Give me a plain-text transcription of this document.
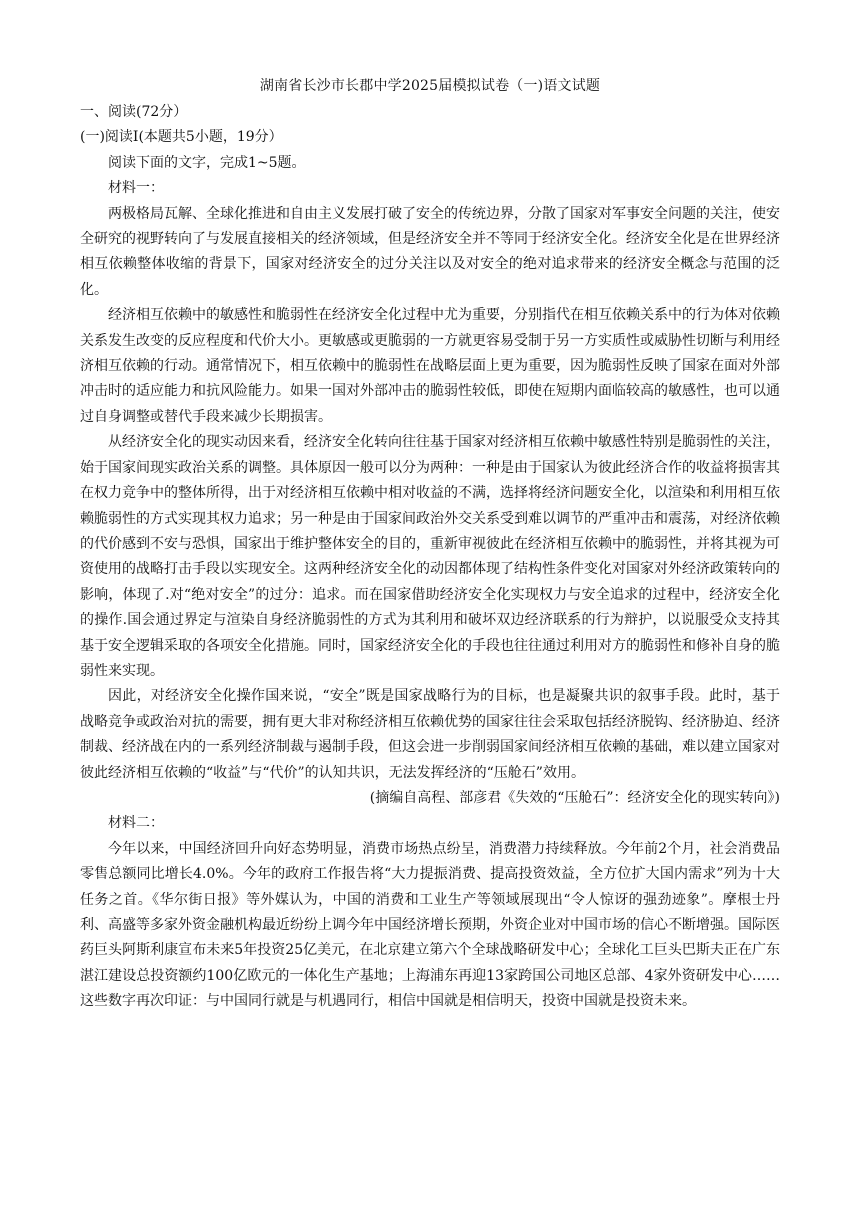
湖南省长沙市长郡中学2025届模拟试卷（一)语文试题

一、阅读(72分）

(一)阅读Ⅰ(本题共5小题，19分）

阅读下面的文字，完成1~5题。

材料一：

两极格局瓦解、全球化推进和自由主义发展打破了安全的传统边界，分散了国家对军事安全问题的关注，使安全研究的视野转向了与发展直接相关的经济领域，但是经济安全并不等同于经济安全化。经济安全化是在世界经济相互依赖整体收缩的背景下，国家对经济安全的过分关注以及对安全的绝对追求带来的经济安全概念与范围的泛化。

经济相互依赖中的敏感性和脆弱性在经济安全化过程中尤为重要，分别指代在相互依赖关系中的行为体对依赖关系发生改变的反应程度和代价大小。更敏感或更脆弱的一方就更容易受制于另一方实质性或威胁性切断与利用经济相互依赖的行动。通常情况下，相互依赖中的脆弱性在战略层面上更为重要，因为脆弱性反映了国家在面对外部冲击时的适应能力和抗风险能力。如果一国对外部冲击的脆弱性较低，即使在短期内面临较高的敏感性，也可以通过自身调整或替代手段来减少长期损害。

从经济安全化的现实动因来看，经济安全化转向往往基于国家对经济相互依赖中敏感性特别是脆弱性的关注，始于国家间现实政治关系的调整。具体原因一般可以分为两种：一种是由于国家认为彼此经济合作的收益将损害其在权力竞争中的整体所得，出于对经济相互依赖中相对收益的不满，选择将经济问题安全化，以渲染和利用相互依赖脆弱性的方式实现其权力追求；另一种是由于国家间政治外交关系受到难以调节的严重冲击和震荡，对经济依赖的代价感到不安与恐惧，国家出于维护整体安全的目的，重新审视彼此在经济相互依赖中的脆弱性，并将其视为可资使用的战略打击手段以实现安全。这两种经济安全化的动因都体现了结构性条件变化对国家对外经济政策转向的影响，体现了.对“绝对安全”的过分：追求。而在国家借助经济安全化实现权力与安全追求的过程中，经济安全化的操作.国会通过界定与渲染自身经济脆弱性的方式为其利用和破坏双边经济联系的行为辩护，以说服受众支持其基于安全逻辑采取的各项安全化措施。同时，国家经济安全化的手段也往往通过利用对方的脆弱性和修补自身的脆弱性来实现。

因此，对经济安全化操作国来说，“安全”既是国家战略行为的目标，也是凝聚共识的叙事手段。此时，基于战略竞争或政治对抗的需要，拥有更大非对称经济相互依赖优势的国家往往会采取包括经济脱钩、经济胁迫、经济制裁、经济战在内的一系列经济制裁与遏制手段，但这会进一步削弱国家间经济相互依赖的基础，难以建立国家对彼此经济相互依赖的“收益”与“代价”的认知共识，无法发挥经济的“压舱石”效用。

(摘编自高程、部彦君《失效的“压舱石”：经济安全化的现实转向》)

材料二：

今年以来，中国经济回升向好态势明显，消费市场热点纷呈，消费潜力持续释放。今年前2个月，社会消费品零售总额同比增长4.0%。今年的政府工作报告将“大力提振消费、提高投资效益，全方位扩大国内需求”列为十大任务之首。《华尔街日报》等外媒认为，中国的消费和工业生产等领域展现出“令人惊讶的强劲迹象”。摩根士丹利、高盛等多家外资金融机构最近纷纷上调今年中国经济增长预期，外资企业对中国市场的信心不断增强。国际医药巨头阿斯利康宣布未来5年投资25亿美元，在北京建立第六个全球战略研发中心；全球化工巨头巴斯夫正在广东湛江建设总投资额约100亿欧元的一体化生产基地；上海浦东再迎13家跨国公司地区总部、4家外资研发中心……这些数字再次印证：与中国同行就是与机遇同行，相信中国就是相信明天，投资中国就是投资未来。
